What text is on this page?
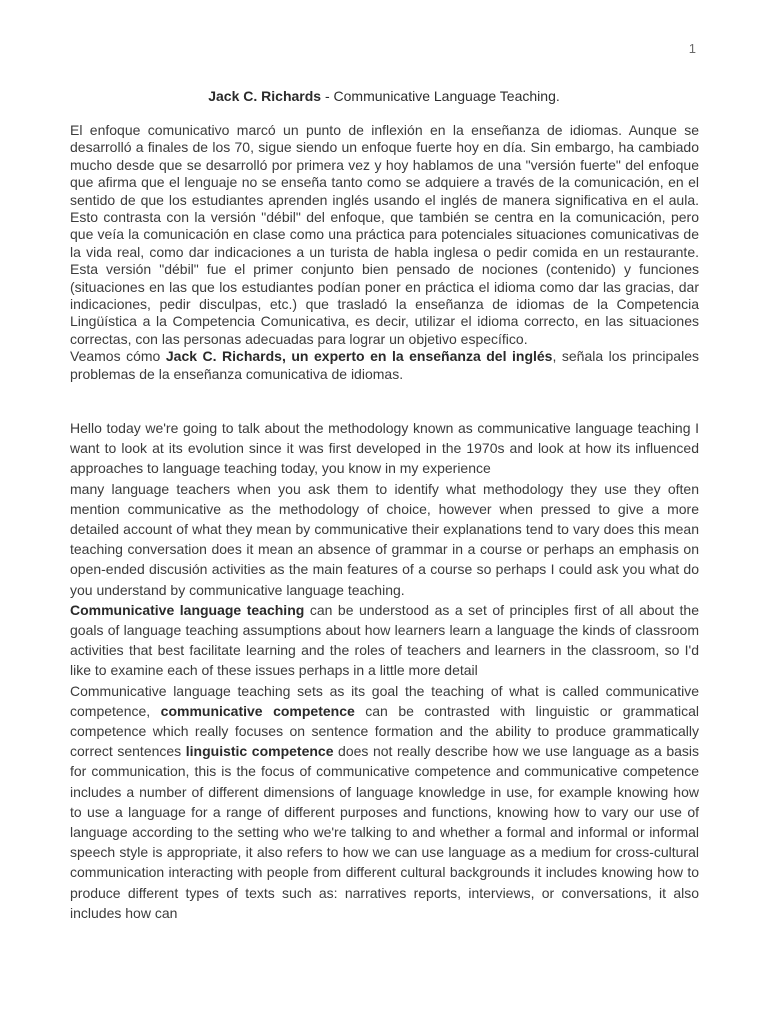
1
Jack C. Richards - Communicative Language Teaching.

El enfoque comunicativo marcó un punto de inflexión en la enseñanza de idiomas. Aunque se desarrolló a finales de los 70, sigue siendo un enfoque fuerte hoy en día. Sin embargo, ha cambiado mucho desde que se desarrolló por primera vez y hoy hablamos de una "versión fuerte" del enfoque que afirma que el lenguaje no se enseña tanto como se adquiere a través de la comunicación, en el sentido de que los estudiantes aprenden inglés usando el inglés de manera significativa en el aula. Esto contrasta con la versión "débil" del enfoque, que también se centra en la comunicación, pero que veía la comunicación en clase como una práctica para potenciales situaciones comunicativas de la vida real, como dar indicaciones a un turista de habla inglesa o pedir comida en un restaurante. Esta versión "débil" fue el primer conjunto bien pensado de nociones (contenido) y funciones (situaciones en las que los estudiantes podían poner en práctica el idioma como dar las gracias, dar indicaciones, pedir disculpas, etc.) que trasladó la enseñanza de idiomas de la Competencia Lingüística a la Competencia Comunicativa, es decir, utilizar el idioma correcto, en las situaciones correctas, con las personas adecuadas para lograr un objetivo específico.

Veamos cómo Jack C. Richards, un experto en la enseñanza del inglés, señala los principales problemas de la enseñanza comunicativa de idiomas.

Hello today we're going to talk about the methodology known as communicative language teaching I want to look at its evolution since it was first developed in the 1970s and look at how its influenced approaches to language teaching today, you know in my experience

many language teachers when you ask them to identify what methodology they use they often mention communicative as the methodology of choice, however when pressed to give a more detailed account of what they mean by communicative their explanations tend to vary does this mean teaching conversation does it mean an absence of grammar in a course or perhaps an emphasis on open-ended discusión activities as the main features of a course so perhaps I could ask you what do you understand by communicative language teaching.

Communicative language teaching can be understood as a set of principles first of all about the goals of language teaching assumptions about how learners learn a language the kinds of classroom activities that best facilitate learning and the roles of teachers and learners in the classroom, so I'd like to examine each of these issues perhaps in a little more detail

Communicative language teaching sets as its goal the teaching of what is called communicative competence, communicative competence can be contrasted with linguistic or grammatical competence which really focuses on sentence formation and the ability to produce grammatically correct sentences linguistic competence does not really describe how we use language as a basis for communication, this is the focus of communicative competence and communicative competence includes a number of different dimensions of language knowledge in use, for example knowing how to use a language for a range of different purposes and functions, knowing how to vary our use of language according to the setting who we're talking to and whether a formal and informal or informal speech style is appropriate, it also refers to how we can use language as a medium for cross-cultural communication interacting with people from different cultural backgrounds it includes knowing how to produce different types of texts such as: narratives reports, interviews, or conversations, it also includes how can
